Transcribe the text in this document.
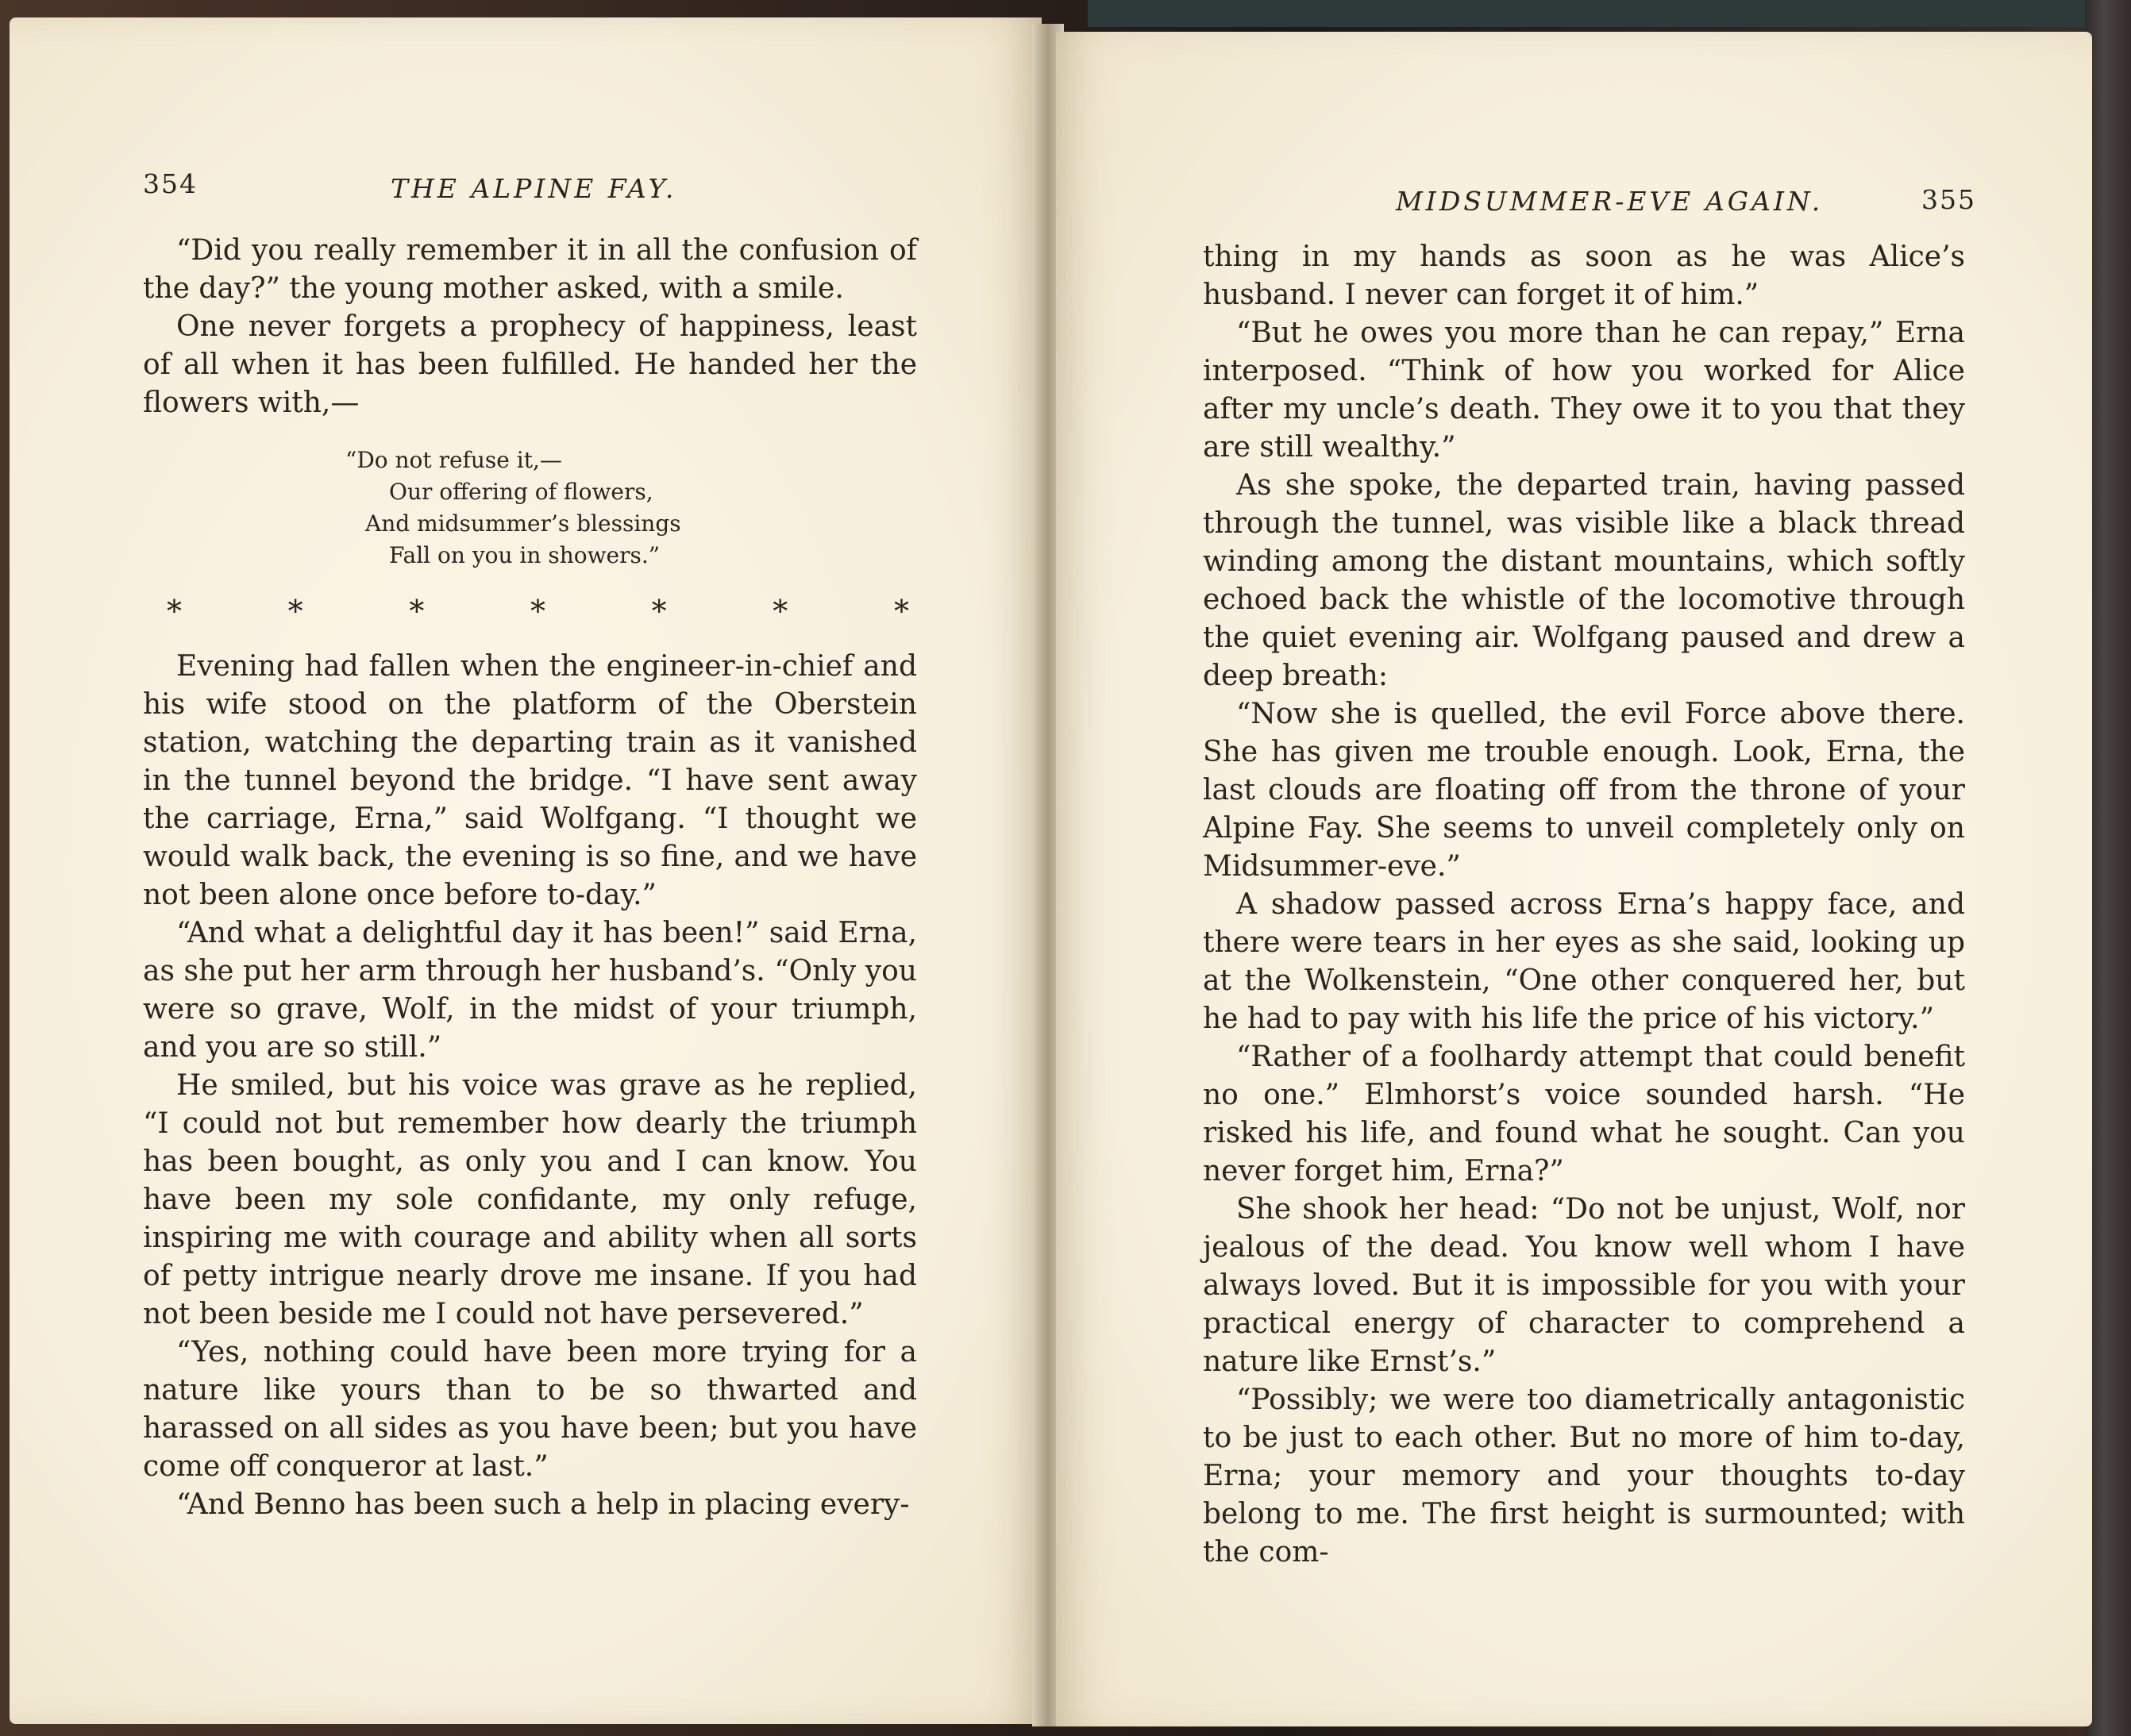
354	THE ALPINE FAY.

“Did you really remember it in all the confusion of the day?” the young mother asked, with a smile.

One never forgets a prophecy of happiness, least of all when it has been fulfilled. He handed her the flowers with,—

“Do not refuse it,—
Our offering of flowers,
And midsummer’s blessings
Fall on you in showers.”
*	*	*	*	*	*	*

Evening had fallen when the engineer-in-chief and his wife stood on the platform of the Oberstein station, watching the departing train as it vanished in the tunnel beyond the bridge. “I have sent away the carriage, Erna,” said Wolfgang. “I thought we would walk back, the evening is so fine, and we have not been alone once before to-day.”

“And what a delightful day it has been!” said Erna, as she put her arm through her husband’s. “Only you were so grave, Wolf, in the midst of your triumph, and you are so still.”

He smiled, but his voice was grave as he replied, “I could not but remember how dearly the triumph has been bought, as only you and I can know. You have been my sole confidante, my only refuge, inspiring me with courage and ability when all sorts of petty intrigue nearly drove me insane. If you had not been beside me I could not have persevered.”

“Yes, nothing could have been more trying for a nature like yours than to be so thwarted and harassed on all sides as you have been; but you have come off conqueror at last.”

“And Benno has been such a help in placing every-

MIDSUMMER-EVE AGAIN.	355

thing in my hands as soon as he was Alice’s husband. I never can forget it of him.”

“But he owes you more than he can repay,” Erna interposed. “Think of how you worked for Alice after my uncle’s death. They owe it to you that they are still wealthy.”

As she spoke, the departed train, having passed through the tunnel, was visible like a black thread winding among the distant mountains, which softly echoed back the whistle of the locomotive through the quiet evening air. Wolfgang paused and drew a deep breath:

“Now she is quelled, the evil Force above there. She has given me trouble enough. Look, Erna, the last clouds are floating off from the throne of your Alpine Fay. She seems to unveil completely only on Midsummer-eve.”

A shadow passed across Erna’s happy face, and there were tears in her eyes as she said, looking up at the Wolkenstein, “One other conquered her, but he had to pay with his life the price of his victory.”

“Rather of a foolhardy attempt that could benefit no one.” Elmhorst’s voice sounded harsh. “He risked his life, and found what he sought. Can you never forget him, Erna?”

She shook her head: “Do not be unjust, Wolf, nor jealous of the dead. You know well whom I have always loved. But it is impossible for you with your practical energy of character to comprehend a nature like Ernst’s.”

“Possibly; we were too diametrically antagonistic to be just to each other. But no more of him to-day, Erna; your memory and your thoughts to-day belong to me. The first height is surmounted; with the com-
